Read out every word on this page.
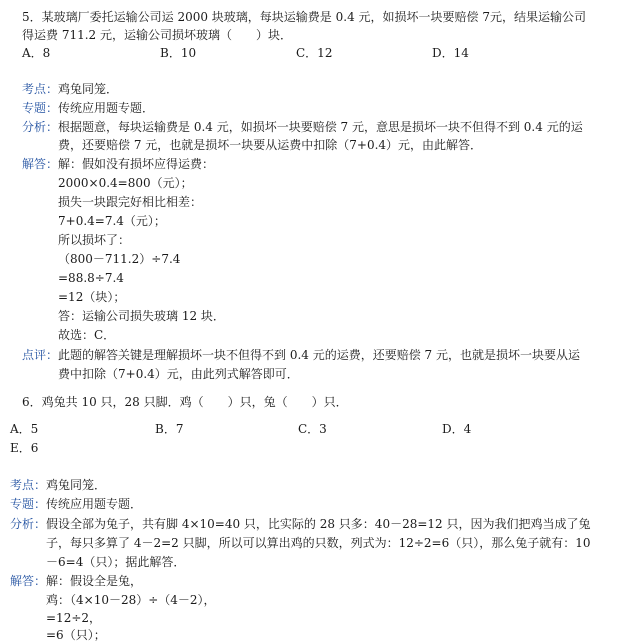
5．某玻璃厂委托运输公司运 2000 块玻璃，每块运输费是 0.4 元，如损坏一块要赔偿 7元，结果运输公司
得运费 711.2 元，运输公司损坏玻璃（　　）块．
A．8	B．10	C．12	D．14
考点： 鸡兔同笼．
专题： 传统应用题专题．
分析： 根据题意，每块运输费是 0.4 元，如损坏一块要赔偿 7 元，意思是损坏一块不但得不到 0.4 元的运
费，还要赔偿 7 元，也就是损坏一块要从运费中扣除（7+0.4）元，由此解答．
解答： 解：假如没有损坏应得运费：
2000×0.4=800（元）；
损失一块跟完好相比相差：
7+0.4=7.4（元）；
所以损坏了：
（800－711.2）÷7.4
=88.8÷7.4
=12（块）；
答：运输公司损失玻璃 12 块．
故选：C．
点评： 此题的解答关键是理解损坏一块不但得不到 0.4 元的运费，还要赔偿 7 元，也就是损坏一块要从运
费中扣除（7+0.4）元，由此列式解答即可．
6．鸡兔共 10 只，28 只脚．鸡（　　）只，兔（　　）只．
A．5	B．7	C．3	D．4
E．6
考点： 鸡兔同笼．
专题： 传统应用题专题．
分析： 假设全部为兔子，共有脚 4×10=40 只，比实际的 28 只多：40－28=12 只，因为我们把鸡当成了兔
子，每只多算了 4－2=2 只脚，所以可以算出鸡的只数，列式为：12÷2=6（只），那么兔子就有：10
－6=4（只）；据此解答．
解答： 解：假设全是兔，
鸡：（4×10－28）÷（4－2），
=12÷2，
=6（只）；
